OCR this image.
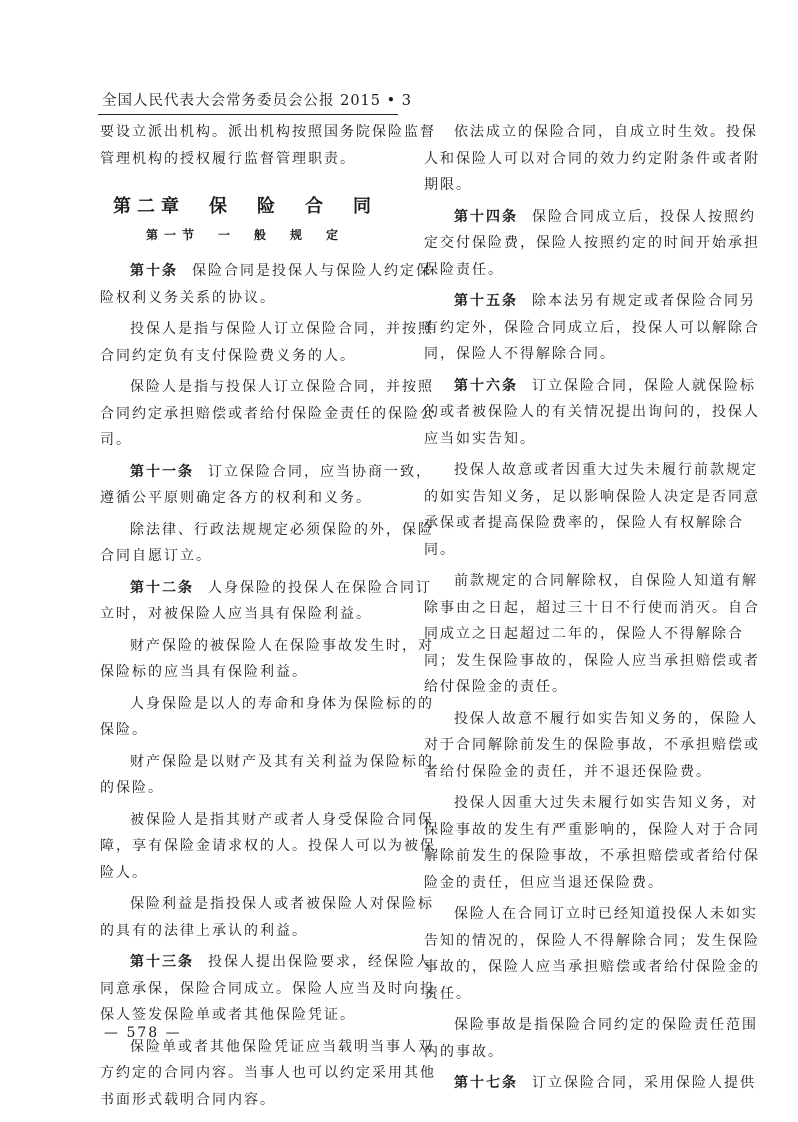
全国人民代表大会常务委员会公报 2015 • 3
要设立派出机构。派出机构按照国务院保险监督
管理机构的授权履行监督管理职责。
第二章　保　险　合　同
第一节　一　般　规　定
第十条 保险合同是投保人与保险人约定保
险权利义务关系的协议。
投保人是指与保险人订立保险合同，并按照
合同约定负有支付保险费义务的人。
保险人是指与投保人订立保险合同，并按照
合同约定承担赔偿或者给付保险金责任的保险公
司。
第十一条 订立保险合同，应当协商一致，
遵循公平原则确定各方的权利和义务。
除法律、行政法规规定必须保险的外，保险
合同自愿订立。
第十二条 人身保险的投保人在保险合同订
立时，对被保险人应当具有保险利益。
财产保险的被保险人在保险事故发生时，对
保险标的应当具有保险利益。
人身保险是以人的寿命和身体为保险标的的
保险。
财产保险是以财产及其有关利益为保险标的
的保险。
被保险人是指其财产或者人身受保险合同保
障，享有保险金请求权的人。投保人可以为被保
险人。
保险利益是指投保人或者被保险人对保险标
的具有的法律上承认的利益。
第十三条 投保人提出保险要求，经保险人
同意承保，保险合同成立。保险人应当及时向投
保人签发保险单或者其他保险凭证。
保险单或者其他保险凭证应当载明当事人双
方约定的合同内容。当事人也可以约定采用其他
书面形式载明合同内容。
依法成立的保险合同，自成立时生效。投保
人和保险人可以对合同的效力约定附条件或者附
期限。
第十四条 保险合同成立后，投保人按照约
定交付保险费，保险人按照约定的时间开始承担
保险责任。
第十五条 除本法另有规定或者保险合同另
有约定外，保险合同成立后，投保人可以解除合
同，保险人不得解除合同。
第十六条 订立保险合同，保险人就保险标
的或者被保险人的有关情况提出询问的，投保人
应当如实告知。
投保人故意或者因重大过失未履行前款规定
的如实告知义务，足以影响保险人决定是否同意
承保或者提高保险费率的，保险人有权解除合
同。
前款规定的合同解除权，自保险人知道有解
除事由之日起，超过三十日不行使而消灭。自合
同成立之日起超过二年的，保险人不得解除合
同；发生保险事故的，保险人应当承担赔偿或者
给付保险金的责任。
投保人故意不履行如实告知义务的，保险人
对于合同解除前发生的保险事故，不承担赔偿或
者给付保险金的责任，并不退还保险费。
投保人因重大过失未履行如实告知义务，对
保险事故的发生有严重影响的，保险人对于合同
解除前发生的保险事故，不承担赔偿或者给付保
险金的责任，但应当退还保险费。
保险人在合同订立时已经知道投保人未如实
告知的情况的，保险人不得解除合同；发生保险
事故的，保险人应当承担赔偿或者给付保险金的
责任。
保险事故是指保险合同约定的保险责任范围
内的事故。
第十七条 订立保险合同，采用保险人提供
— 578 —
